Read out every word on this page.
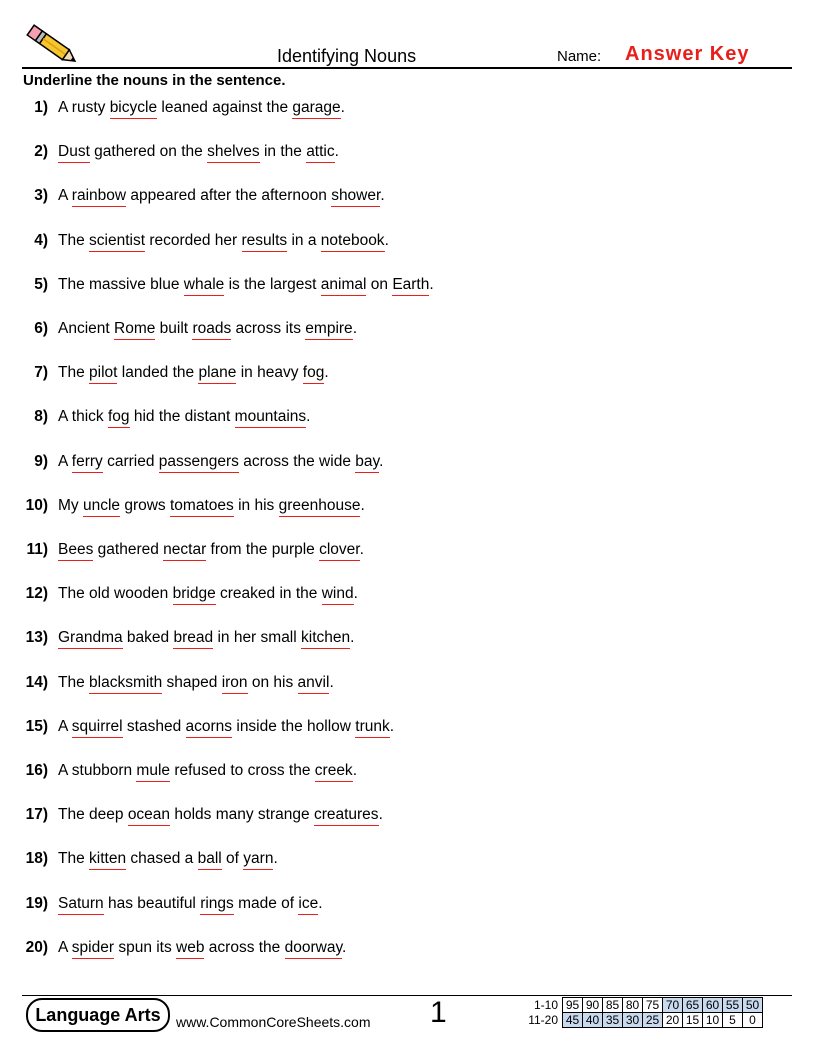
Identifying Nouns	Name: Answer Key
Underline the nouns in the sentence.
1) A rusty bicycle leaned against the garage.
2) Dust gathered on the shelves in the attic.
3) A rainbow appeared after the afternoon shower.
4) The scientist recorded her results in a notebook.
5) The massive blue whale is the largest animal on Earth.
6) Ancient Rome built roads across its empire.
7) The pilot landed the plane in heavy fog.
8) A thick fog hid the distant mountains.
9) A ferry carried passengers across the wide bay.
10) My uncle grows tomatoes in his greenhouse.
11) Bees gathered nectar from the purple clover.
12) The old wooden bridge creaked in the wind.
13) Grandma baked bread in her small kitchen.
14) The blacksmith shaped iron on his anvil.
15) A squirrel stashed acorns inside the hollow trunk.
16) A stubborn mule refused to cross the creek.
17) The deep ocean holds many strange creatures.
18) The kitten chased a ball of yarn.
19) Saturn has beautiful rings made of ice.
20) A spider spun its web across the doorway.
Language Arts	www.CommonCoreSheets.com 1	1-10	95	90	85	80	75	70	65	60	55	50
11-20	45	40	35	30	25	20	15	10	5	0
